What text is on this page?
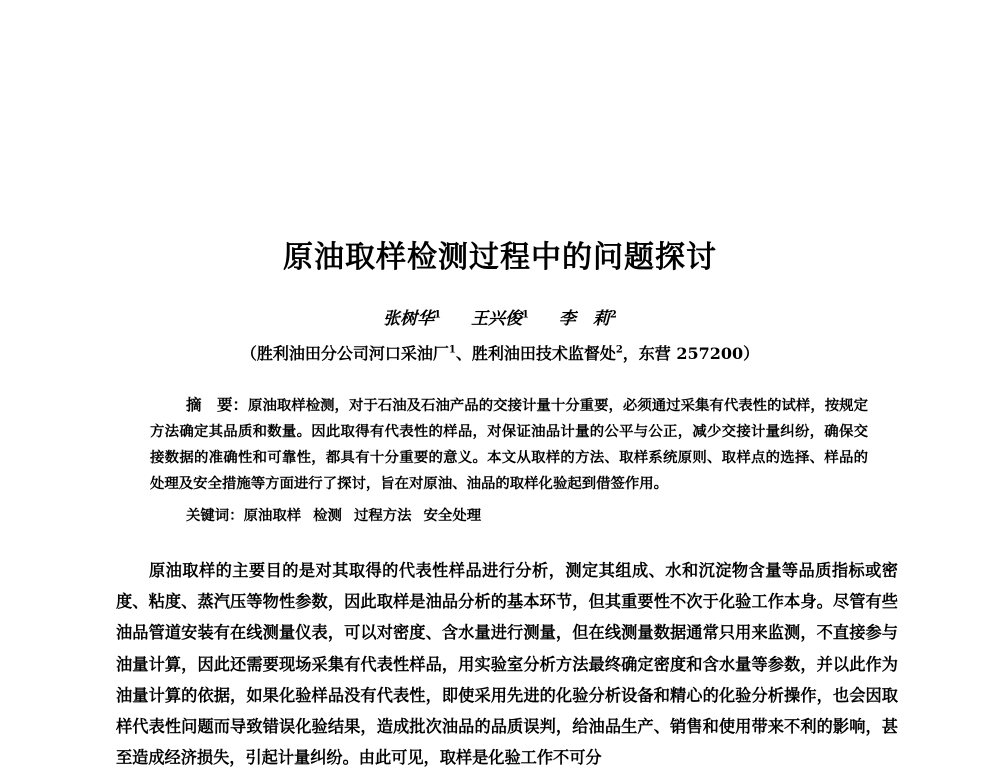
原油取样检测过程中的问题探讨
张树华$^1$ 王兴俊$^1$ 李　莉$^2$
（胜利油田分公司河口采油厂$^1$、胜利油田技术监督处$^2$，东营 257200）
摘　要：原油取样检测，对于石油及石油产品的交接计量十分重要，必须通过采集有代表性的试样，按规定方法确定其品质和数量。因此取得有代表性的样品，对保证油品计量的公平与公正，减少交接计量纠纷，确保交接数据的准确性和可靠性，都具有十分重要的意义。本文从取样的方法、取样系统原则、取样点的选择、样品的处理及安全措施等方面进行了探讨，旨在对原油、油品的取样化验起到借签作用。
关键词：原油取样 检测 过程方法 安全处理
原油取样的主要目的是对其取得的代表性样品进行分析，测定其组成、水和沉淀物含量等品质指标或密度、粘度、蒸汽压等物性参数，因此取样是油品分析的基本环节，但其重要性不次于化验工作本身。尽管有些油品管道安装有在线测量仪表，可以对密度、含水量进行测量，但在线测量数据通常只用来监测，不直接参与油量计算，因此还需要现场采集有代表性样品，用实验室分析方法最终确定密度和含水量等参数，并以此作为油量计算的依据，如果化验样品没有代表性，即使采用先进的化验分析设备和精心的化验分析操作，也会因取样代表性问题而导致错误化验结果，造成批次油品的品质误判，给油品生产、销售和使用带来不利的影响，甚至造成经济损失，引起计量纠纷。由此可见，取样是化验工作不可分
